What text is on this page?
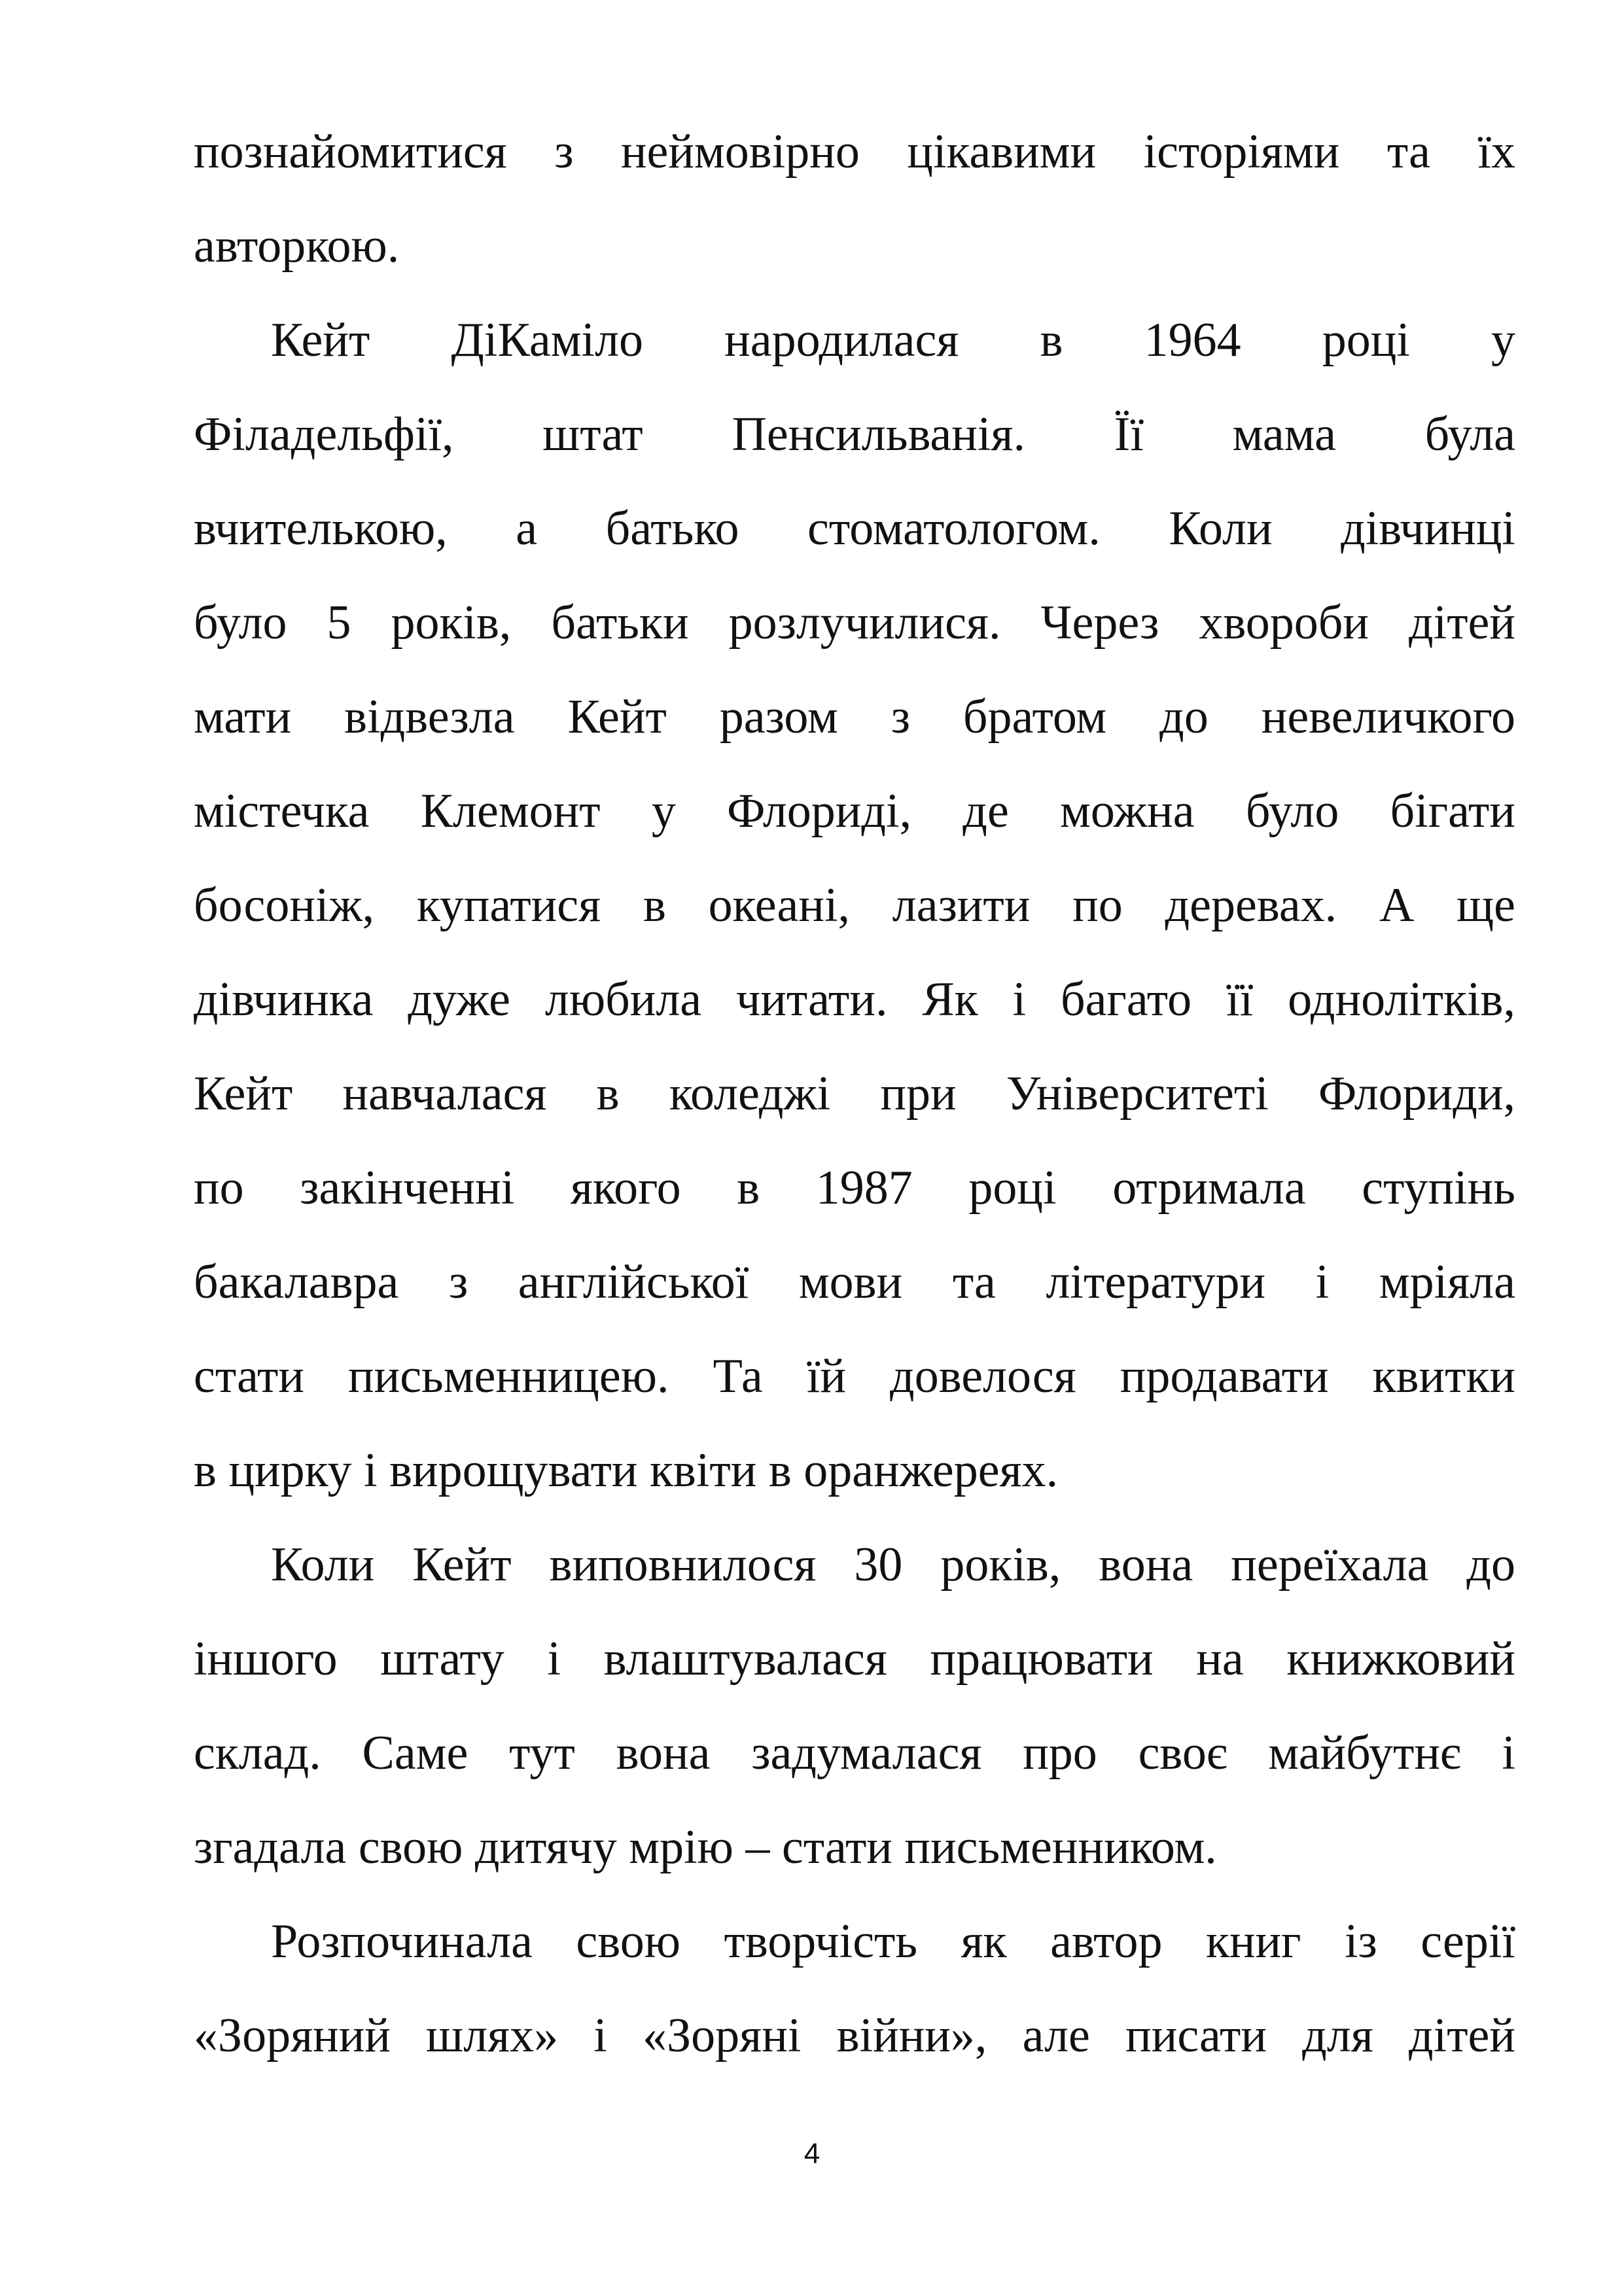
познайомитися з неймовірно цікавими історіями та їх
авторкою.
Кейт ДіКаміло народилася в 1964 році у
Філадельфії, штат Пенсильванія. Її мама була
вчителькою, а батько стоматологом. Коли дівчинці
було 5 років, батьки розлучилися. Через хвороби дітей
мати відвезла Кейт разом з братом до невеличкого
містечка Клемонт у Флориді, де можна було бігати
босоніж, купатися в океані, лазити по деревах. А ще
дівчинка дуже любила читати. Як і багато її однолітків,
Кейт навчалася в коледжі при Університеті Флориди,
по закінченні якого в 1987 році отримала ступінь
бакалавра з англійської мови та літератури і мріяла
стати письменницею. Та їй довелося продавати квитки
в цирку і вирощувати квіти в оранжереях.
Коли Кейт виповнилося 30 років, вона переїхала до
іншого штату і влаштувалася працювати на книжковий
склад. Саме тут вона задумалася про своє майбутнє і
згадала свою дитячу мрію – стати письменником.
Розпочинала свою творчість як автор книг із серії
«Зоряний шлях» і «Зоряні війни», але писати для дітей
4
